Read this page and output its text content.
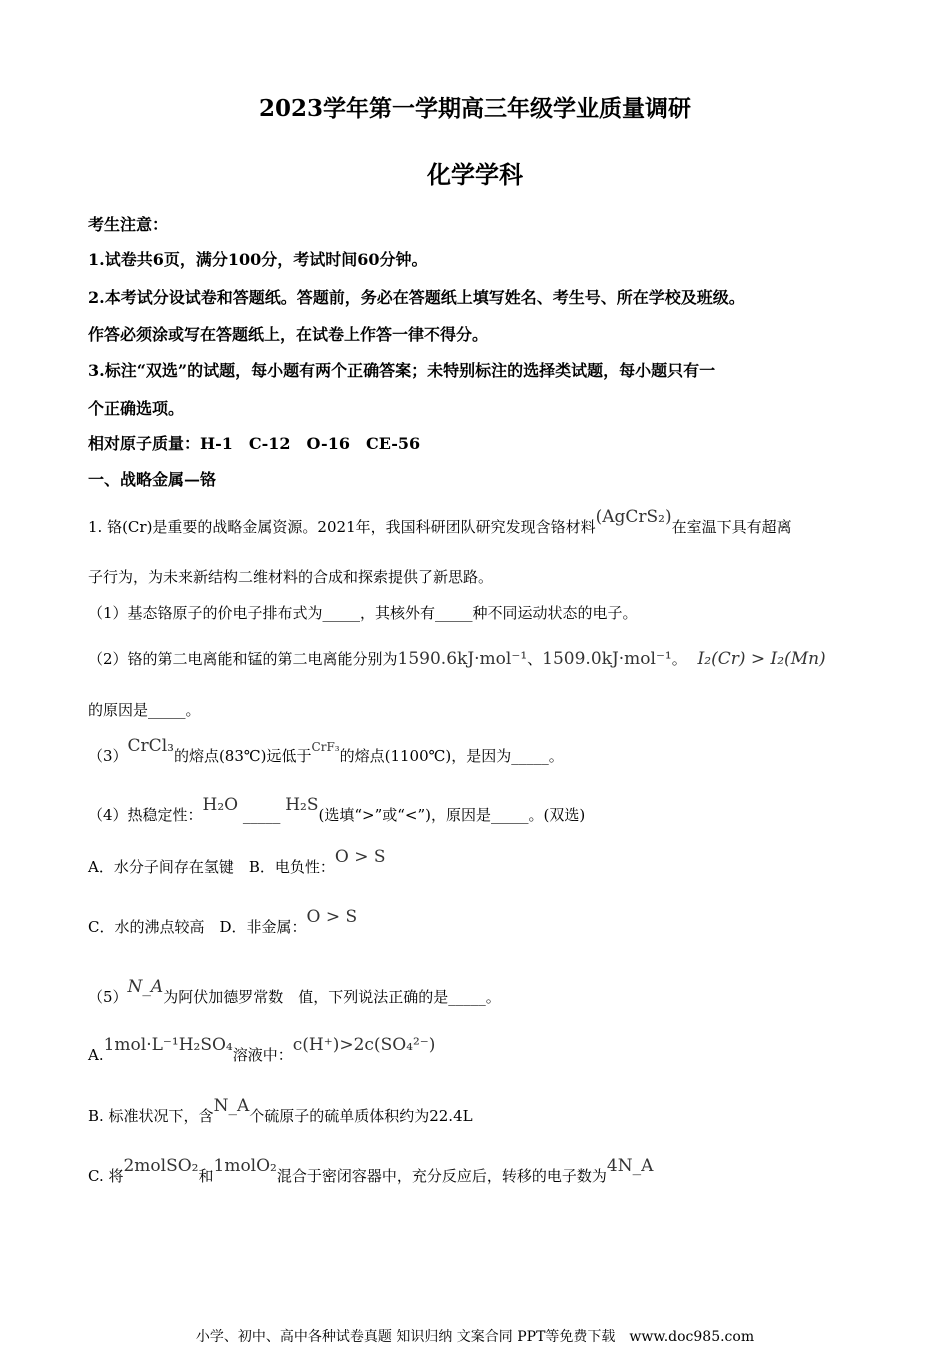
2023学年第一学期高三年级学业质量调研
化学学科
考生注意：
1.试卷共6页，满分100分，考试时间60分钟。
2.本考试分设试卷和答题纸。答题前，务必在答题纸上填写姓名、考生号、所在学校及班级。
作答必须涂或写在答题纸上，在试卷上作答一律不得分。
3.标注“双选”的试题，每小题有两个正确答案；未特别标注的选择类试题，每小题只有一
个正确选项。
相对原子质量：H-1　C-12　O-16　CE-56
一、战略金属—铬
1. 铬(Cr)是重要的战略金属资源。2021年，我国科研团队研究发现含铬材料(AgCrS₂)在室温下具有超离
子行为，为未来新结构二维材料的合成和探索提供了新思路。
（1）基态铬原子的价电子排布式为_____，其核外有_____种不同运动状态的电子。
（2）铬的第二电离能和锰的第二电离能分别为1590.6kJ·mol⁻¹、1509.0kJ·mol⁻¹。 I₂(Cr) > I₂(Mn)
的原因是_____。
（3）CrCl₃的熔点(83℃)远低于$^{CrF_3}$的熔点(1100℃)，是因为_____。
（4）热稳定性：H₂O _____ H₂S(选填“>”或“<”)，原因是_____。(双选)
A．水分子间存在氢键　B．电负性：O > S
C．水的沸点较高　D．非金属：O > S
（5）N_A为阿伏加德罗常数　值，下列说法正确的是_____。
A.1mol·L⁻¹H₂SO₄溶液中：c(H⁺)>2c(SO₄²⁻)
B. 标准状况下，含N_A个硫原子的硫单质体积约为22.4L
C. 将2molSO₂和1molO₂混合于密闭容器中，充分反应后，转移的电子数为4N_A
小学、初中、高中各种试卷真题 知识归纳 文案合同 PPT等免费下载　www.doc985.com
